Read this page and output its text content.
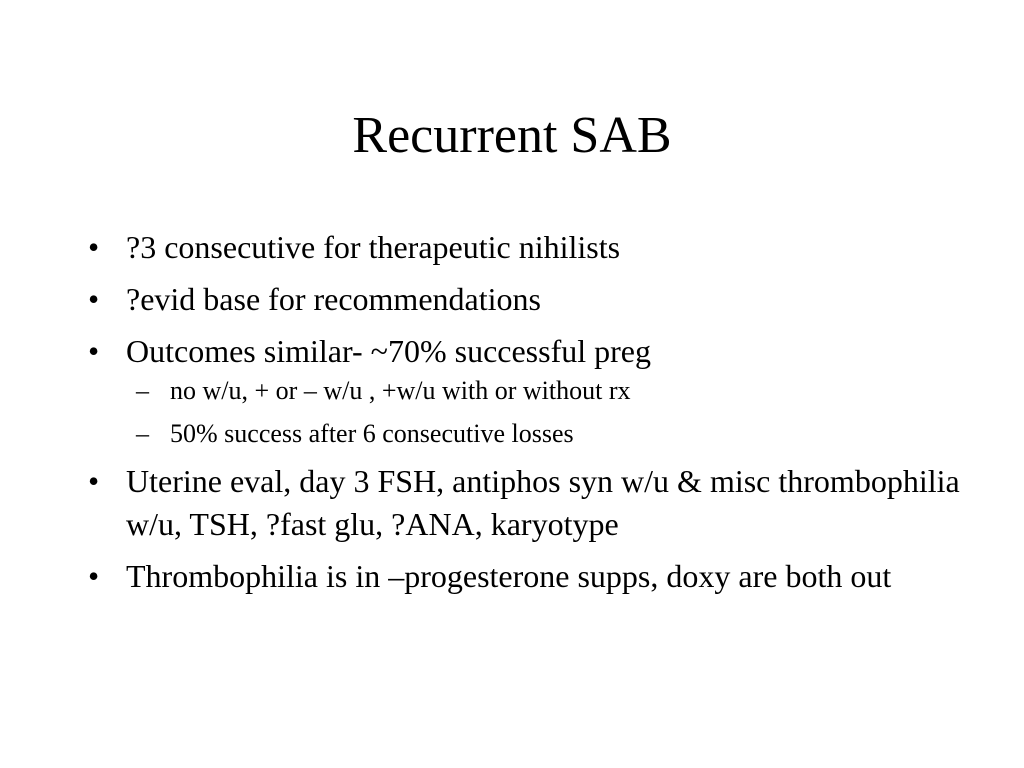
Recurrent SAB
• ?3 consecutive for therapeutic nihilists
• ?evid base for recommendations
• Outcomes similar- ~70% successful preg
– no w/u, + or – w/u , +w/u with or without rx
– 50% success after 6 consecutive losses
• Uterine eval, day 3 FSH, antiphos syn w/u & misc thrombophilia w/u, TSH, ?fast glu, ?ANA, karyotype
• Thrombophilia is in –progesterone supps, doxy are both out
